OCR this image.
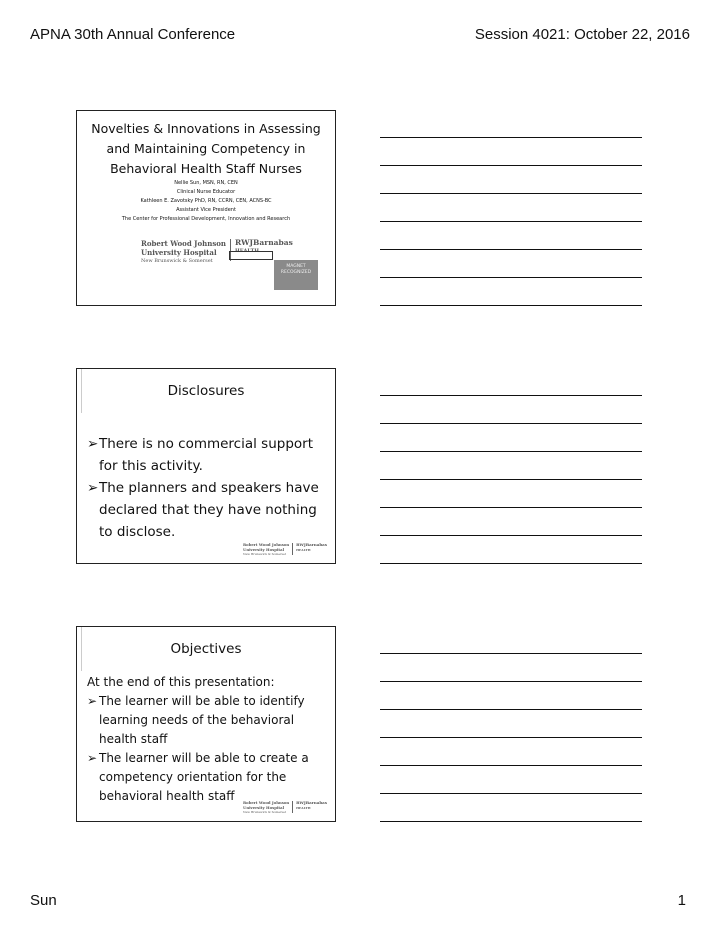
APNA 30th Annual Conference	Session 4021: October 22, 2016
Novelties & Innovations in Assessing and Maintaining Competency in Behavioral Health Staff Nurses
Nellie Sun, MSN, RN, CEN
Clinical Nurse Educator
Kathleen E. Zavotsky PhD, RN, CCRN, CEN, ACNS-BC
Assistant Vice President
The Center for Professional Development, Innovation and Research
Robert Wood Johnson
University Hospital
New Brunswick & Somerset
RWJBarnabas
HEALTH
MAGNET RECOGNIZED
Disclosures
➢ There is no commercial support for this activity.
➢ The planners and speakers have declared that they have nothing to disclose.
Robert Wood Johnson
University Hospital
New Brunswick & Somerset
RWJBarnabas
HEALTH
Objectives
At the end of this presentation:
➢ The learner will be able to identify learning needs of the behavioral health staff
➢ The learner will be able to create a competency orientation for the behavioral health staff	Robert Wood Johnson
University Hospital
New Brunswick & Somerset
RWJBarnabas
HEALTH
Sun	1
